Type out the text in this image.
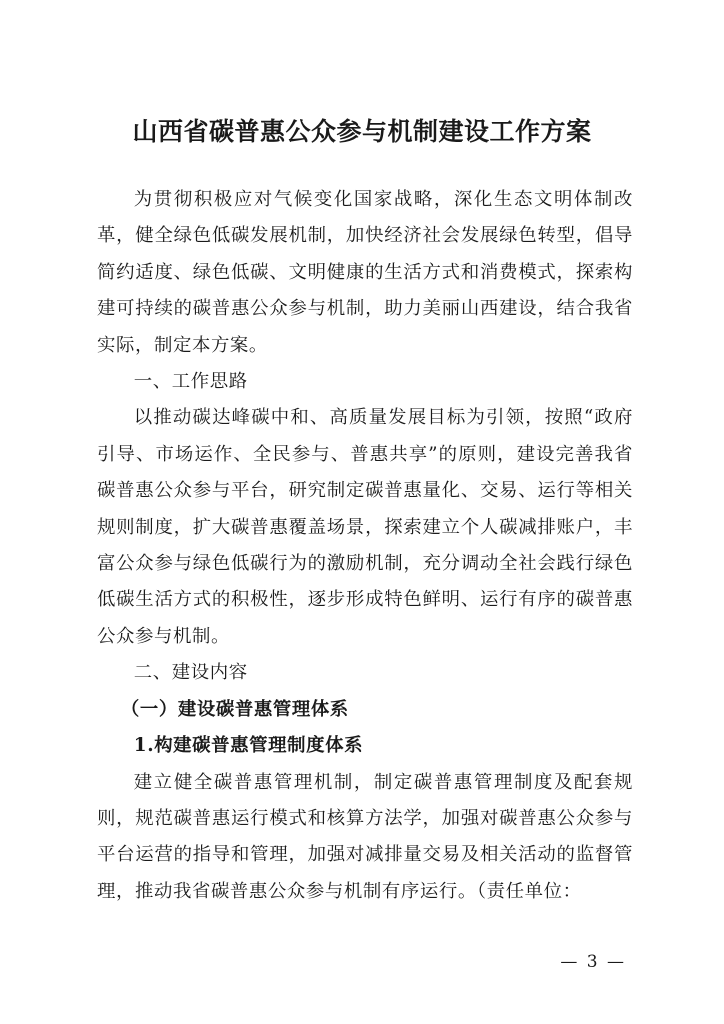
山西省碳普惠公众参与机制建设工作方案

为贯彻积极应对气候变化国家战略，深化生态文明体制改革，健全绿色低碳发展机制，加快经济社会发展绿色转型，倡导简约适度、绿色低碳、文明健康的生活方式和消费模式，探索构建可持续的碳普惠公众参与机制，助力美丽山西建设，结合我省实际，制定本方案。

一、工作思路

以推动碳达峰碳中和、高质量发展目标为引领，按照“政府引导、市场运作、全民参与、普惠共享”的原则，建设完善我省碳普惠公众参与平台，研究制定碳普惠量化、交易、运行等相关规则制度，扩大碳普惠覆盖场景，探索建立个人碳减排账户，丰富公众参与绿色低碳行为的激励机制，充分调动全社会践行绿色低碳生活方式的积极性，逐步形成特色鲜明、运行有序的碳普惠公众参与机制。

二、建设内容

（一）建设碳普惠管理体系

1.构建碳普惠管理制度体系

建立健全碳普惠管理机制，制定碳普惠管理制度及配套规则，规范碳普惠运行模式和核算方法学，加强对碳普惠公众参与平台运营的指导和管理，加强对减排量交易及相关活动的监督管理，推动我省碳普惠公众参与机制有序运行。（责任单位：

— 3 —
